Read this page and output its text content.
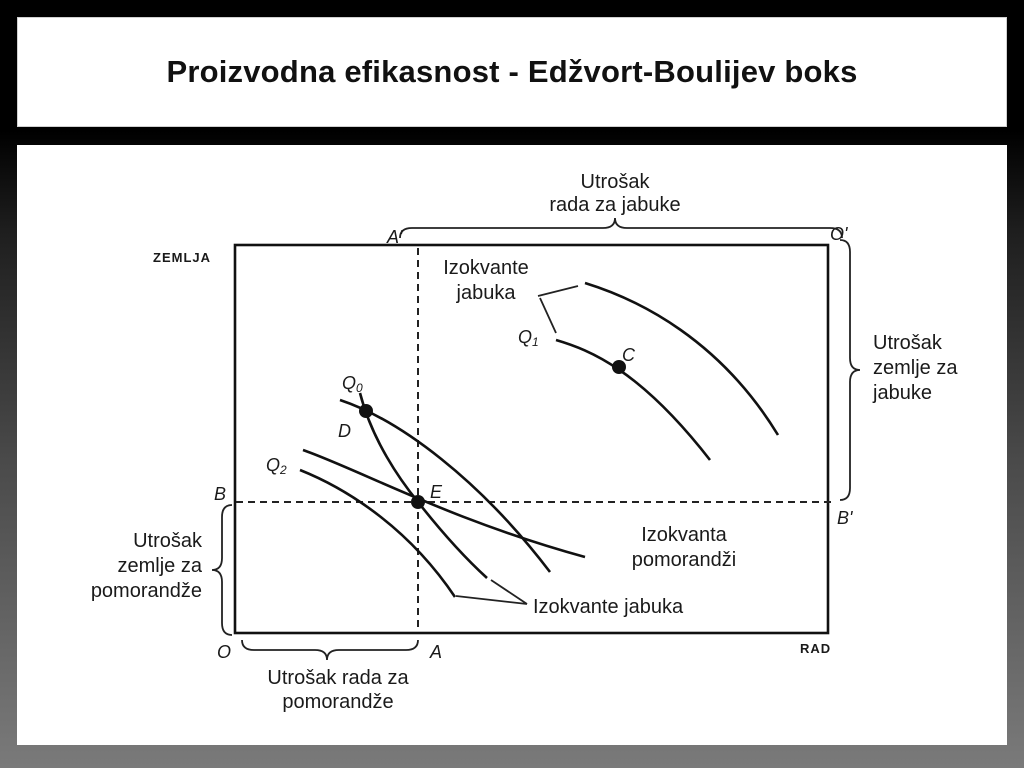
Proizvodna efikasnost - Edžvort-Boulijev boks
C
D
E
Q0
Q1
Q2
A'	O'
B
B'
O	A
ZEMLJA
RAD
Utrošak
rada za jabuke
Utrošak
zemlje za
jabuke
Utrošak
zemlje za
pomorandže
Utrošak rada za
pomorandže
Izokvante
jabuka
Izokvanta
pomorandži
Izokvante jabuka
